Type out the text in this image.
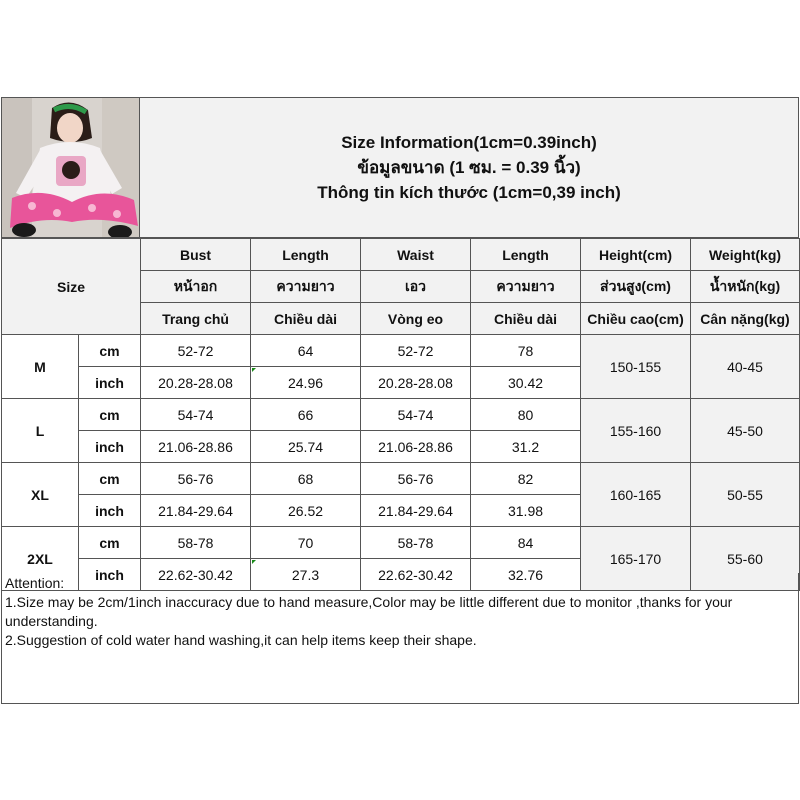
Size Information(1cm=0.39inch)
ข้อมูลขนาด (1 ซม. = 0.39 นิ้ว)
Thông tin kích thước (1cm=0,39 inch)
Size		Bust	Length	Waist	Length	Height(cm)	Weight(kg)
		หน้าอก	ความยาว	เอว	ความยาว	ส่วนสูง(cm)	น้ำหนัก(kg)
		Trang chủ	Chiều dài	Vòng eo	Chiều dài	Chiều cao(cm)	Cân nặng(kg)
M	cm	52-72	64	52-72	78	150-155	40-45
	inch	20.28-28.08	24.96	20.28-28.08	30.42		
L	cm	54-74	66	54-74	80	155-160	45-50
	inch	21.06-28.86	25.74	21.06-28.86	31.2		
XL	cm	56-76	68	56-76	82	160-165	50-55
	inch	21.84-29.64	26.52	21.84-29.64	31.98		
2XL	cm	58-78	70	58-78	84	165-170	55-60
	inch	22.62-30.42	27.3	22.62-30.42	32.76		
Attention:
1.Size may be 2cm/1inch inaccuracy due to hand measure,Color may be little different due to monitor ,thanks for your understanding.
2.Suggestion of cold water hand washing,it can help items keep their shape.
